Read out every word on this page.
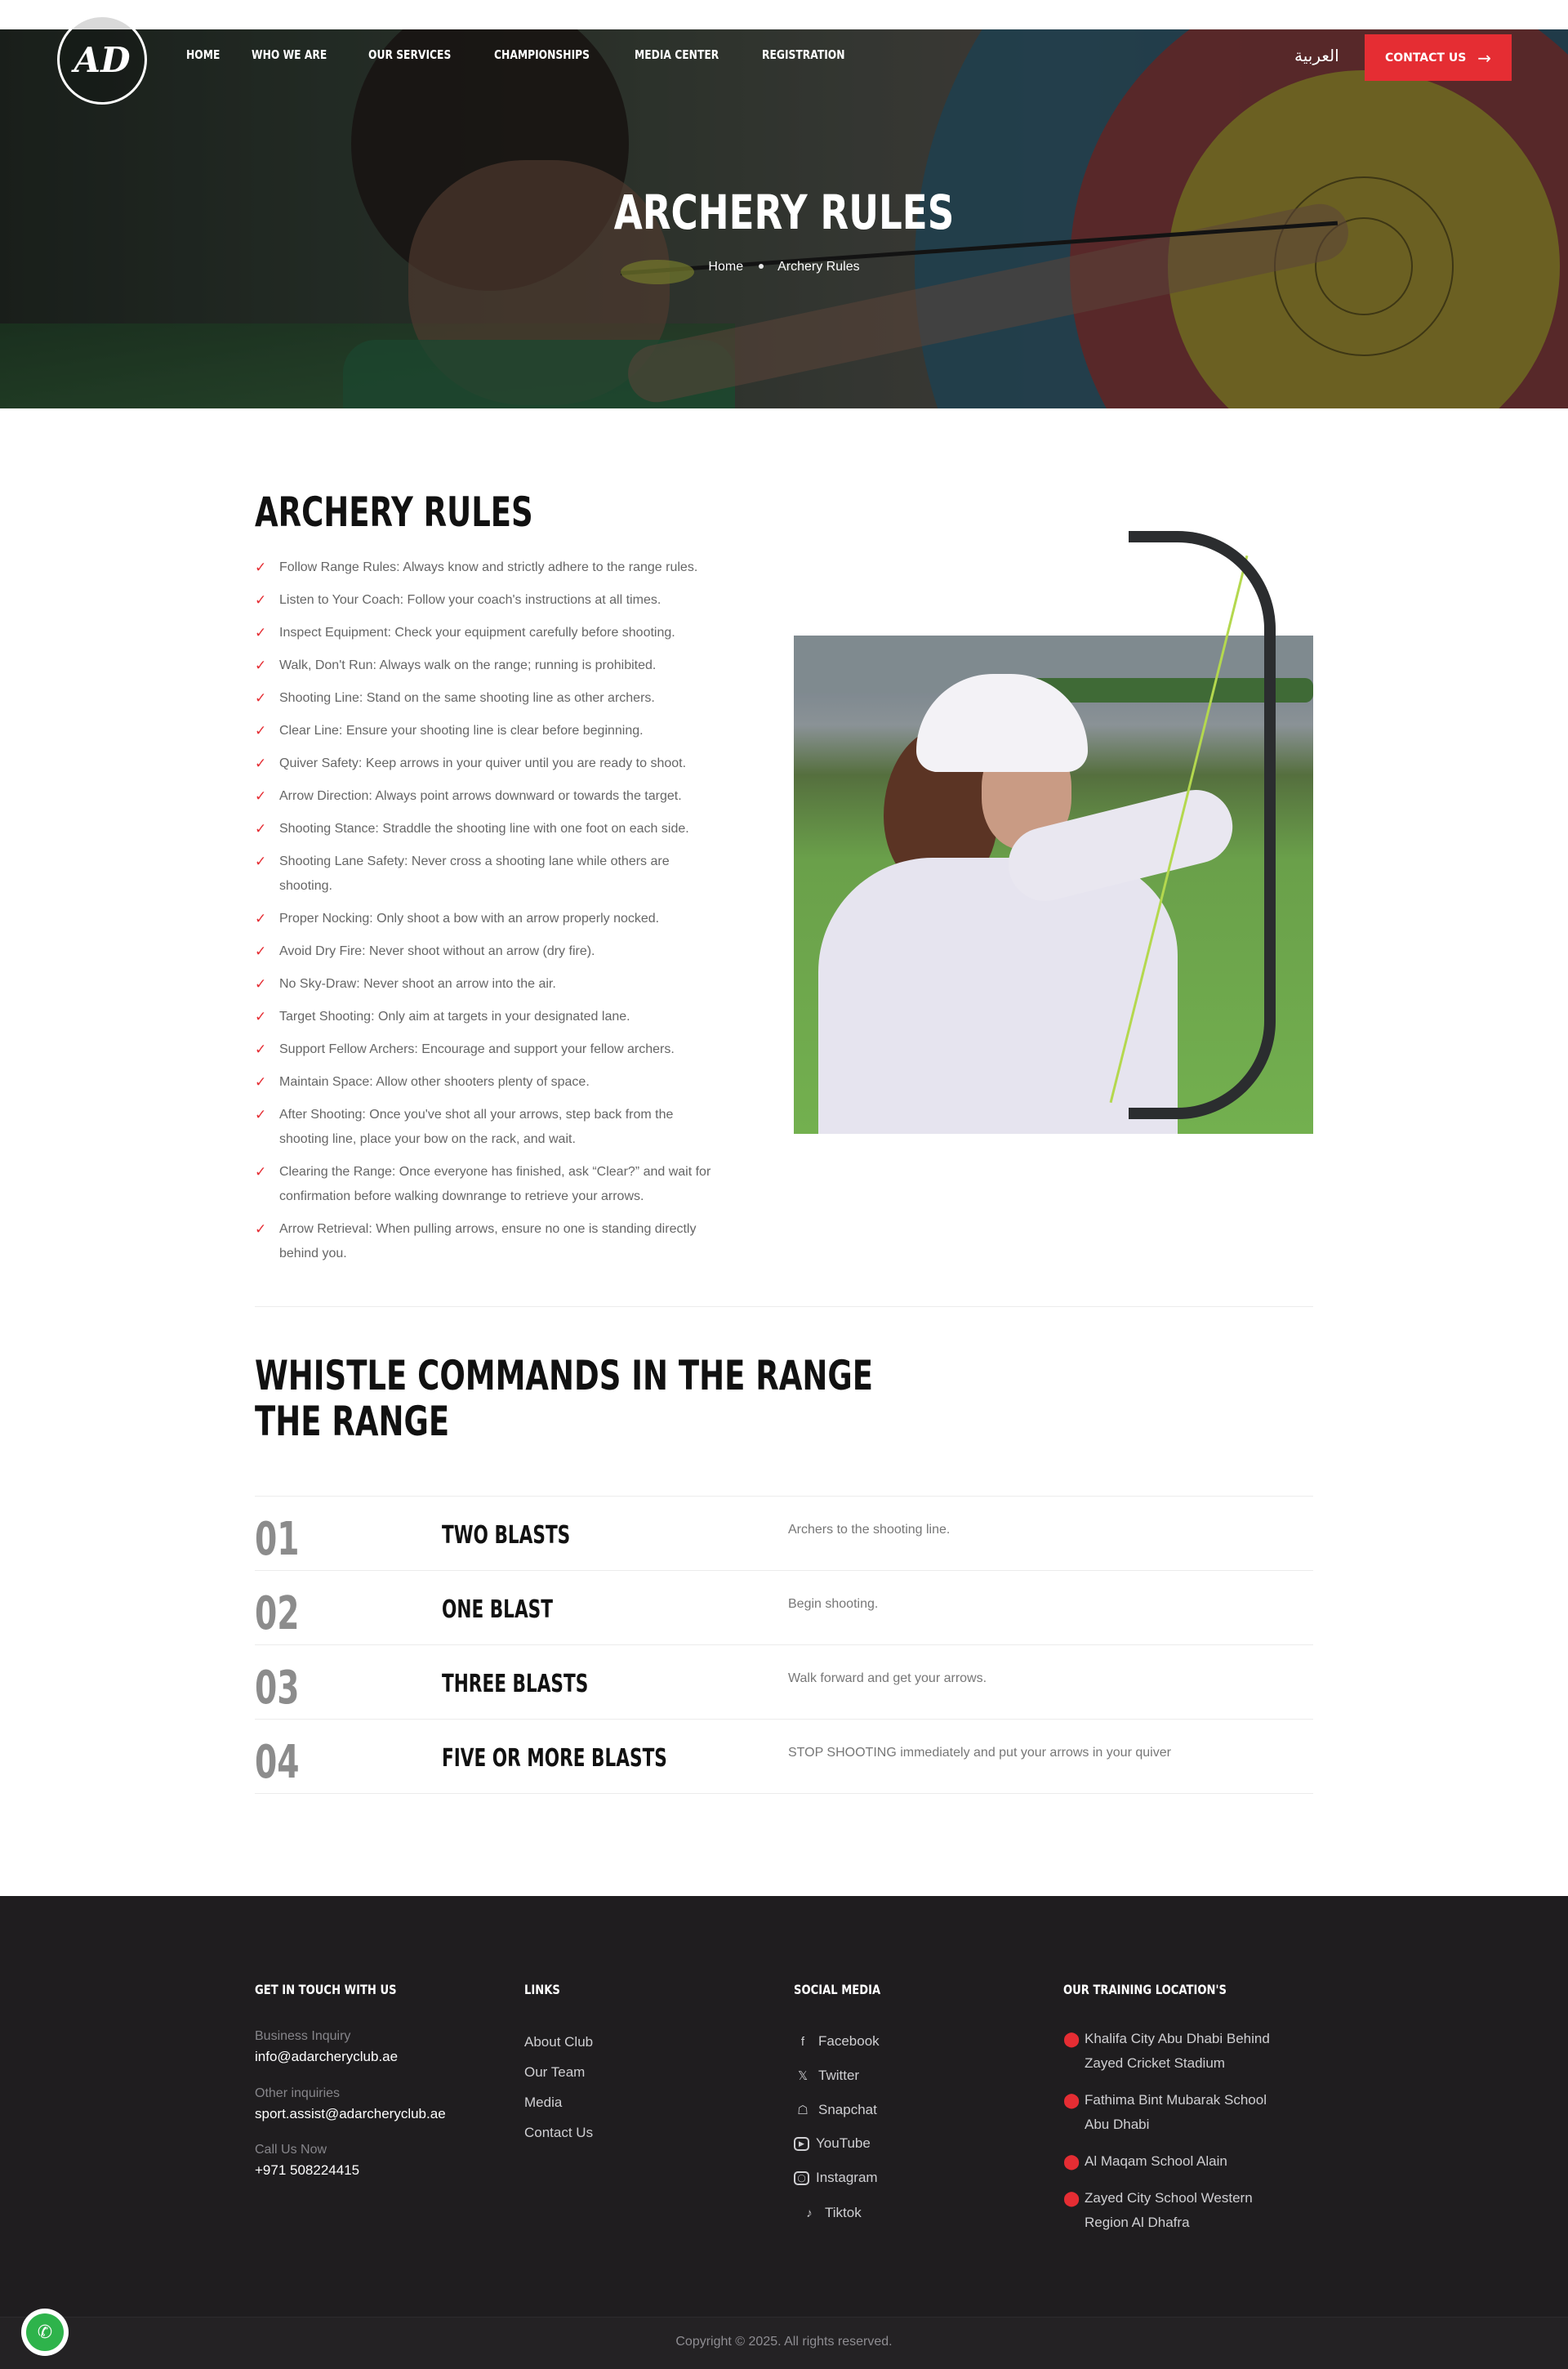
AD	HOME	WHO WE ARE	OUR SERVICES	CHAMPIONSHIPS	MEDIA CENTER	REGISTRATION	العربية	CONTACT US →
ARCHERY RULES
Home	Archery Rules
ARCHERY RULES
✓ Follow Range Rules: Always know and strictly adhere to the range rules.
✓ Listen to Your Coach: Follow your coach's instructions at all times.
✓ Inspect Equipment: Check your equipment carefully before shooting.
✓ Walk, Don't Run: Always walk on the range; running is prohibited.
✓ Shooting Line: Stand on the same shooting line as other archers.
✓ Clear Line: Ensure your shooting line is clear before beginning.
✓ Quiver Safety: Keep arrows in your quiver until you are ready to shoot.
✓ Arrow Direction: Always point arrows downward or towards the target.
✓ Shooting Stance: Straddle the shooting line with one foot on each side.
✓ Shooting Lane Safety: Never cross a shooting lane while others are shooting.
✓ Proper Nocking: Only shoot a bow with an arrow properly nocked.
✓ Avoid Dry Fire: Never shoot without an arrow (dry fire).
✓ No Sky-Draw: Never shoot an arrow into the air.
✓ Target Shooting: Only aim at targets in your designated lane.
✓ Support Fellow Archers: Encourage and support your fellow archers.
✓ Maintain Space: Allow other shooters plenty of space.
✓ After Shooting: Once you've shot all your arrows, step back from the shooting line, place your bow on the rack, and wait.
✓ Clearing the Range: Once everyone has finished, ask “Clear?” and wait for confirmation before walking downrange to retrieve your arrows.
✓ Arrow Retrieval: When pulling arrows, ensure no one is standing directly behind you.
WHISTLE COMMANDS IN THE RANGE
THE RANGE
01	TWO BLASTS	Archers to the shooting line.
02	ONE BLAST	Begin shooting.
03	THREE BLASTS	Walk forward and get your arrows.
04	FIVE OR MORE BLASTS	STOP SHOOTING immediately and put your arrows in your quiver
GET IN TOUCH WITH US
Business Inquiry
info@adarcheryclub.ae
Other inquiries
sport.assist@adarcheryclub.ae
Call Us Now
+971 508224415
LINKS
About Club
Our Team
Media
Contact Us
SOCIAL MEDIA
f Facebook
𝕏 Twitter
☖ Snapchat
▶ YouTube
◯ Instagram
♪ Tiktok
OUR TRAINING LOCATION'S
⬤ Khalifa City Abu Dhabi Behind Zayed Cricket Stadium
⬤ Fathima Bint Mubarak School Abu Dhabi
⬤ Al Maqam School Alain
⬤ Zayed City School Western Region Al Dhafra
Copyright © 2025. All rights reserved.
✆
